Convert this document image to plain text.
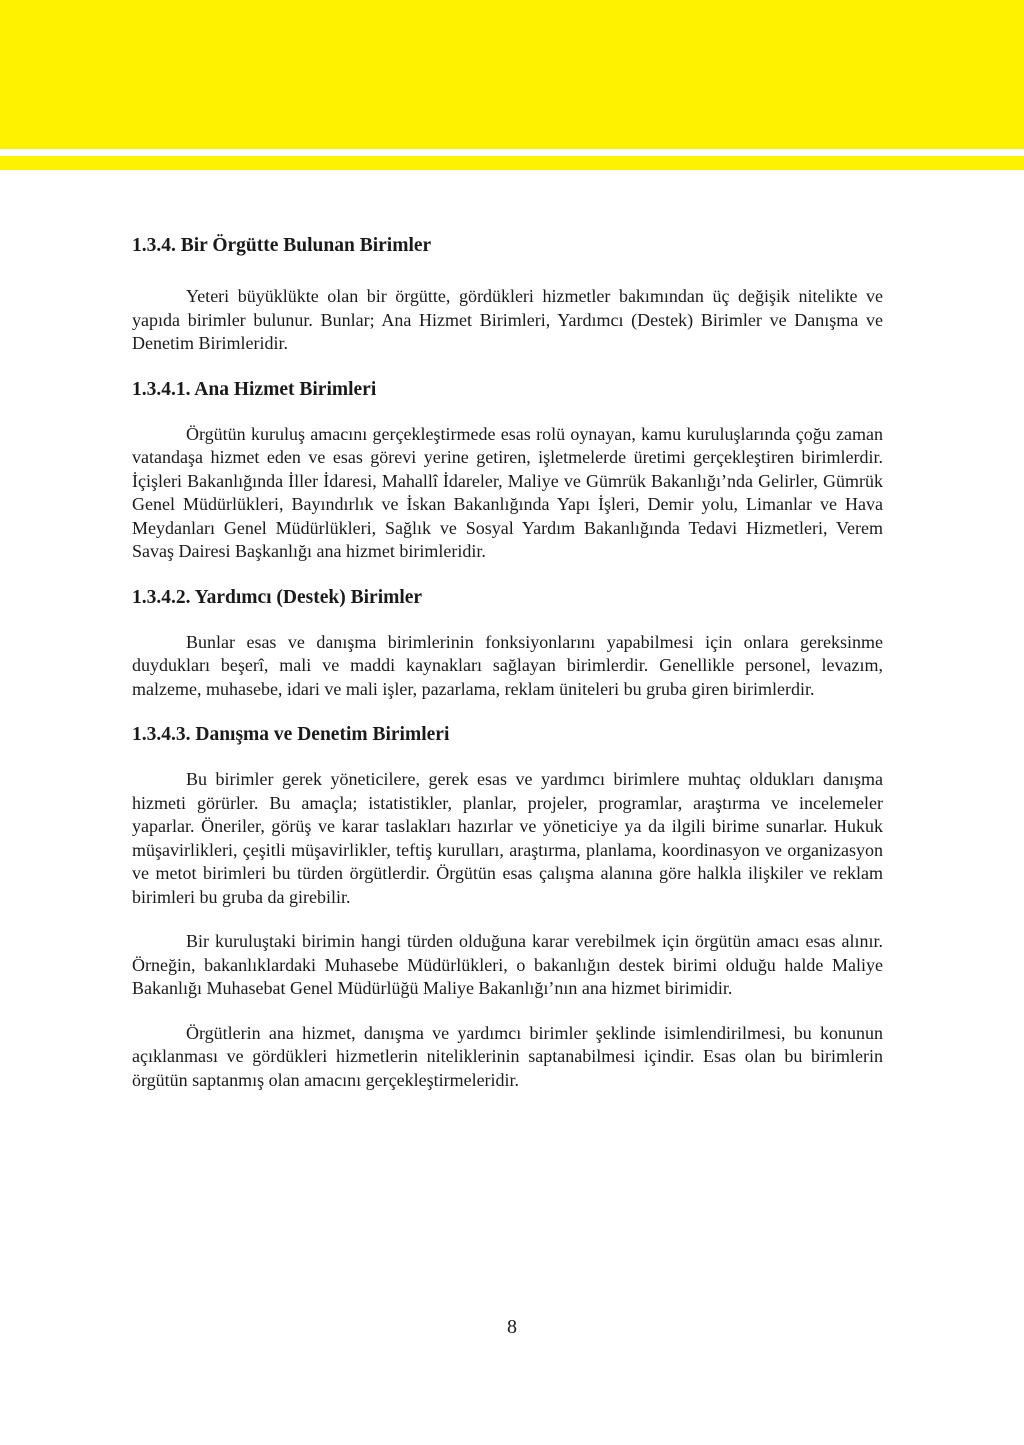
1.3.4. Bir Örgütte Bulunan Birimler

Yeteri büyüklükte olan bir örgütte, gördükleri hizmetler bakımından üç değişik nitelikte ve yapıda birimler bulunur. Bunlar; Ana Hizmet Birimleri, Yardımcı (Destek) Birimler ve Danışma ve Denetim Birimleridir.

1.3.4.1. Ana Hizmet Birimleri

Örgütün kuruluş amacını gerçekleştirmede esas rolü oynayan, kamu kuruluşlarında çoğu zaman vatandaşa hizmet eden ve esas görevi yerine getiren, işletmelerde üretimi gerçekleştiren birimlerdir. İçişleri Bakanlığında İller İdaresi, Mahallî İdareler, Maliye ve Gümrük Bakanlığı’nda Gelirler, Gümrük Genel Müdürlükleri, Bayındırlık ve İskan Bakanlığında Yapı İşleri, Demir yolu, Limanlar ve Hava Meydanları Genel Müdürlükleri, Sağlık ve Sosyal Yardım Bakanlığında Tedavi Hizmetleri, Verem Savaş Dairesi Başkanlığı ana hizmet birimleridir.

1.3.4.2. Yardımcı (Destek) Birimler

Bunlar esas ve danışma birimlerinin fonksiyonlarını yapabilmesi için onlara gereksinme duydukları beşerî, mali ve maddi kaynakları sağlayan birimlerdir. Genellikle personel, levazım, malzeme, muhasebe, idari ve mali işler, pazarlama, reklam üniteleri bu gruba giren birimlerdir.

1.3.4.3. Danışma ve Denetim Birimleri

Bu birimler gerek yöneticilere, gerek esas ve yardımcı birimlere muhtaç oldukları danışma hizmeti görürler. Bu amaçla; istatistikler, planlar, projeler, programlar, araştırma ve incelemeler yaparlar. Öneriler, görüş ve karar taslakları hazırlar ve yöneticiye ya da ilgili birime sunarlar. Hukuk müşavirlikleri, çeşitli müşavirlikler, teftiş kurulları, araştırma, planlama, koordinasyon ve organizasyon ve metot birimleri bu türden örgütlerdir. Örgütün esas çalışma alanına göre halkla ilişkiler ve reklam birimleri bu gruba da girebilir.

Bir kuruluştaki birimin hangi türden olduğuna karar verebilmek için örgütün amacı esas alınır. Örneğin, bakanlıklardaki Muhasebe Müdürlükleri, o bakanlığın destek birimi olduğu halde Maliye Bakanlığı Muhasebat Genel Müdürlüğü Maliye Bakanlığı’nın ana hizmet birimidir.

Örgütlerin ana hizmet, danışma ve yardımcı birimler şeklinde isimlendirilmesi, bu konunun açıklanması ve gördükleri hizmetlerin niteliklerinin saptanabilmesi içindir. Esas olan bu birimlerin örgütün saptanmış olan amacını gerçekleştirmeleridir.

8
